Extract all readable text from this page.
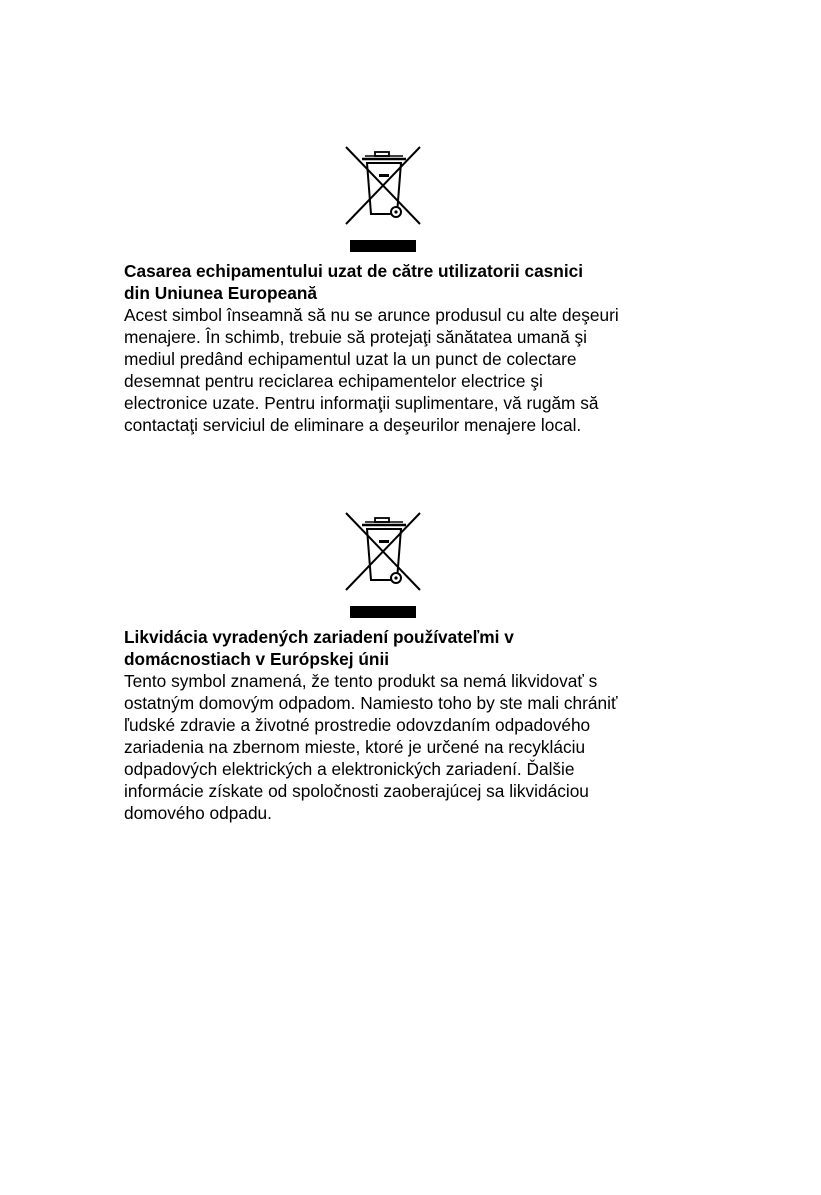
Casarea echipamentului uzat de către utilizatorii casnici

din Uniunea Europeană

Acest simbol înseamnă să nu se arunce produsul cu alte deşeuri

menajere. În schimb, trebuie să protejaţi sănătatea umană şi

mediul predând echipamentul uzat la un punct de colectare

desemnat pentru reciclarea echipamentelor electrice şi

electronice uzate. Pentru informaţii suplimentare, vă rugăm să

contactaţi serviciul de eliminare a deşeurilor menajere local.

Likvidácia vyradených zariadení používateľmi v

domácnostiach v Európskej únii

Tento symbol znamená, že tento produkt sa nemá likvidovať s

ostatným domovým odpadom. Namiesto toho by ste mali chrániť

ľudské zdravie a životné prostredie odovzdaním odpadového

zariadenia na zbernom mieste, ktoré je určené na recykláciu

odpadových elektrických a elektronických zariadení. Ďalšie

informácie získate od spoločnosti zaoberajúcej sa likvidáciou

domového odpadu.
